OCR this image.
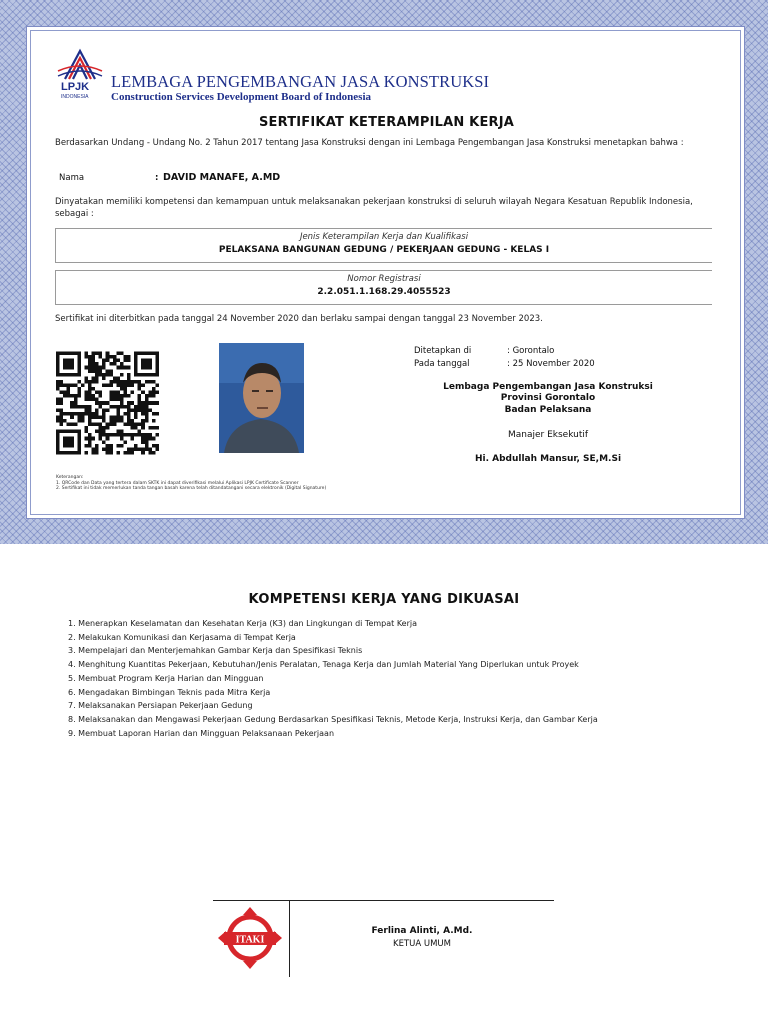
LPJK
INDONESIA
LEMBAGA PENGEMBANGAN JASA KONSTRUKSI
Construction Services Development Board of Indonesia
SERTIFIKAT KETERAMPILAN KERJA
Berdasarkan Undang - Undang No. 2 Tahun 2017 tentang Jasa Konstruksi dengan ini Lembaga Pengembangan Jasa Konstruksi menetapkan bahwa :
Nama	: DAVID MANAFE, A.MD
Dinyatakan memiliki kompetensi dan kemampuan untuk melaksanakan pekerjaan konstruksi di seluruh wilayah Negara Kesatuan Republik Indonesia, sebagai :
Jenis Keterampilan Kerja dan Kualifikasi
PELAKSANA BANGUNAN GEDUNG / PEKERJAAN GEDUNG - KELAS I
Nomor Registrasi
2.2.051.1.168.29.4055523
Sertifikat ini diterbitkan pada tanggal 24 November 2020 dan berlaku sampai dengan tanggal 23 November 2023.
Ditetapkan di	: Gorontalo
Pada tanggal	: 25 November 2020
Lembaga Pengembangan Jasa Konstruksi
Provinsi Gorontalo
Badan Pelaksana
Manajer Eksekutif
Hi. Abdullah Mansur, SE,M.Si
Keterangan:
1. QRCode dan Data yang tertera dalam SKTK ini dapat diverifikasi melalui Aplikasi LPJK Certificate Scanner
2. Sertifikat ini tidak memerlukan tanda tangan basah karena telah ditandatangani secara elektronik (Digital Signature)
KOMPETENSI KERJA YANG DIKUASAI
1. Menerapkan Keselamatan dan Kesehatan Kerja (K3) dan Lingkungan di Tempat Kerja
2. Melakukan Komunikasi dan Kerjasama di Tempat Kerja
3. Mempelajari dan Menterjemahkan Gambar Kerja dan Spesifikasi Teknis
4. Menghitung Kuantitas Pekerjaan, Kebutuhan/Jenis Peralatan, Tenaga Kerja dan Jumlah Material Yang Diperlukan untuk Proyek
5. Membuat Program Kerja Harian dan Mingguan
6. Mengadakan Bimbingan Teknis pada Mitra Kerja
7. Melaksanakan Persiapan Pekerjaan Gedung
8. Melaksanakan dan Mengawasi Pekerjaan Gedung Berdasarkan Spesifikasi Teknis, Metode Kerja, Instruksi Kerja, dan Gambar Kerja
9. Membuat Laporan Harian dan Mingguan Pelaksanaan Pekerjaan
ITAKI
Ferlina Alinti, A.Md.
KETUA UMUM
